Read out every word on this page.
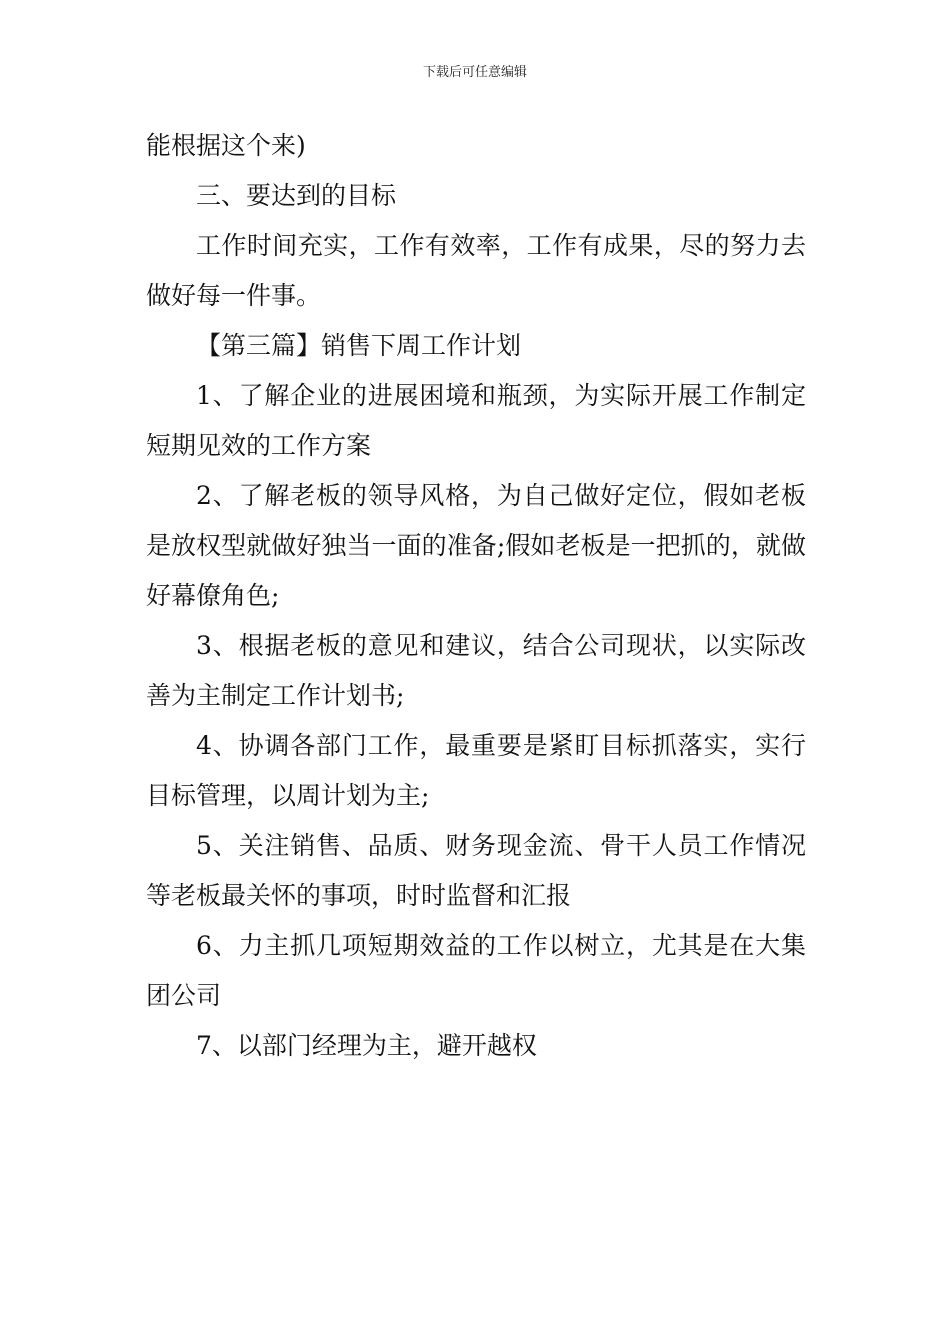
下载后可任意编辑

能根据这个来)

三、要达到的目标

工作时间充实，工作有效率，工作有成果，尽的努力去做好每一件事。

【第三篇】销售下周工作计划

1、了解企业的进展困境和瓶颈，为实际开展工作制定短期见效的工作方案

2、了解老板的领导风格，为自己做好定位，假如老板是放权型就做好独当一面的准备;假如老板是一把抓的，就做好幕僚角色;

3、根据老板的意见和建议，结合公司现状，以实际改善为主制定工作计划书;

4、协调各部门工作，最重要是紧盯目标抓落实，实行目标管理，以周计划为主;

5、关注销售、品质、财务现金流、骨干人员工作情况等老板最关怀的事项，时时监督和汇报

6、力主抓几项短期效益的工作以树立，尤其是在大集团公司

7、以部门经理为主，避开越权
